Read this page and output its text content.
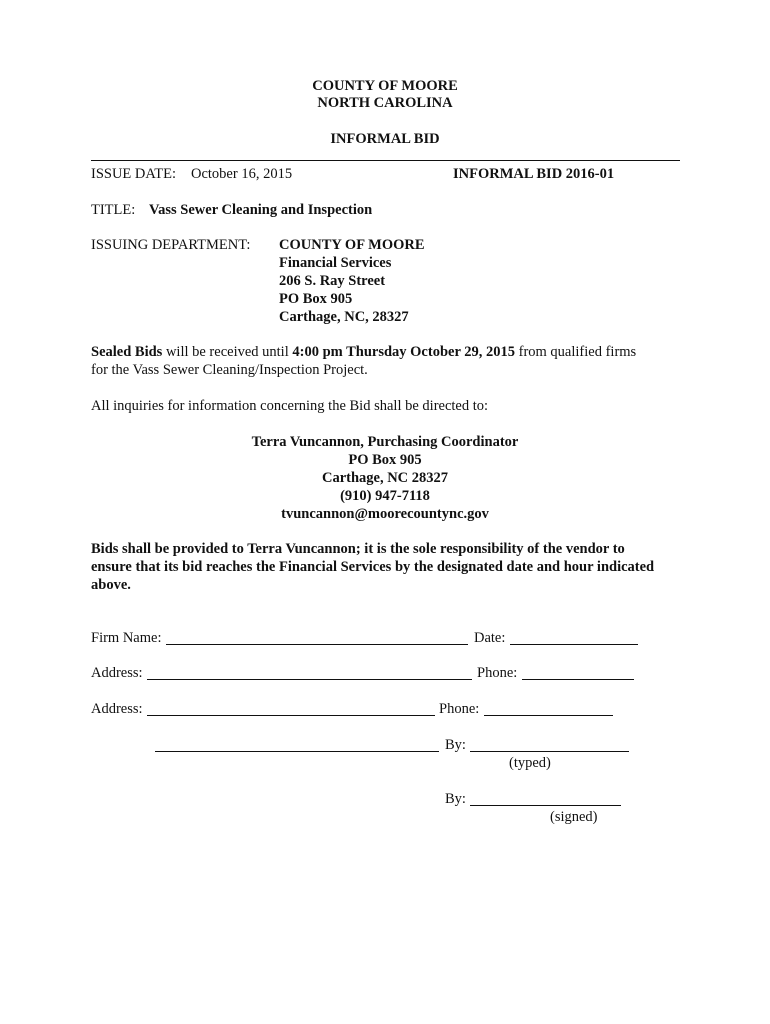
COUNTY OF MOORE
NORTH CAROLINA
INFORMAL BID
ISSUE DATE: October 16, 2015	INFORMAL BID 2016-01
TITLE: Vass Sewer Cleaning and Inspection
ISSUING DEPARTMENT: COUNTY OF MOORE
Financial Services
206 S. Ray Street
PO Box 905
Carthage, NC, 28327
Sealed Bids will be received until 4:00 pm Thursday October 29, 2015 from qualified firms
for the Vass Sewer Cleaning/Inspection Project.
All inquiries for information concerning the Bid shall be directed to:
Terra Vuncannon, Purchasing Coordinator
PO Box 905
Carthage, NC 28327
(910) 947-7118
tvuncannon@moorecountync.gov
Bids shall be provided to Terra Vuncannon; it is the sole responsibility of the vendor to
ensure that its bid reaches the Financial Services by the designated date and hour indicated
above.
Firm Name:	Date:
Address:	Phone:
Address:	Phone:
By:
(typed)
By:
(signed)
